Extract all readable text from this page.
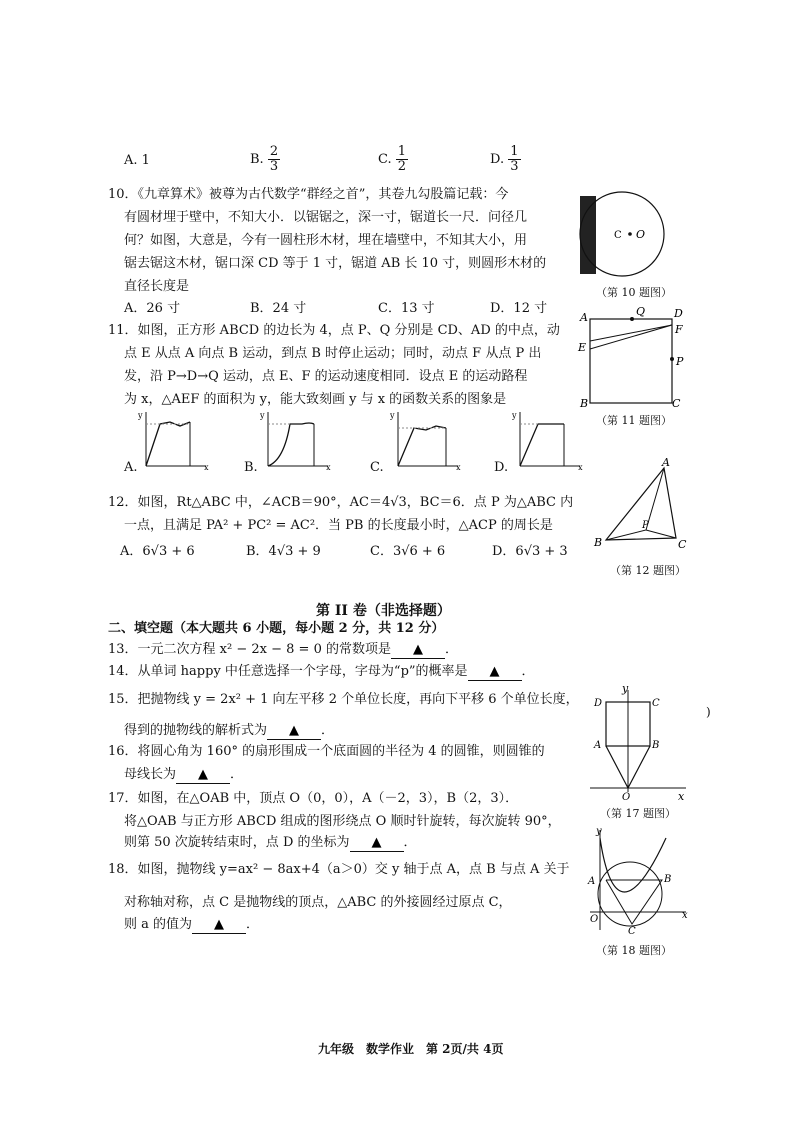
A. 1	B. $\frac{2}{3}$	C. $\frac{1}{2}$	D. $\frac{1}{3}$
10．《九章算术》被尊为古代数学“群经之首”，其卷九勾股篇记载：今
有圆材埋于壁中，不知大小．以锯锯之，深一寸，锯道长一尺．问径几
何？如图，大意是，今有一圆柱形木材，埋在墙壁中，不知其大小，用
锯去锯这木材，锯口深 CD 等于 1 寸，锯道 AB 长 10 寸，则圆形木材的
直径长度是
A．26 寸	B．24 寸	C．13 寸	D．12 寸
C O
（第 10 题图）
11．如图，正方形 ABCD 的边长为 4，点 P、Q 分别是 CD、AD 的中点，动
点 E 从点 A 向点 B 运动，到点 B 时停止运动；同时，动点 F 从点 P 出
发，沿 P→D→Q 运动，点 E、F 的运动速度相同．设点 E 的运动路程
为 x，△AEF 的面积为 y，能大致刻画 y 与 x 的函数关系的图象是
A	Q	D
F
E
P
B	C
（第 11 题图）
A.
y
x	B.
y
x	C.
y
x	D.
y
x
12．如图，Rt△ABC 中，∠ACB＝90°，AC＝4√3，BC＝6．点 P 为△ABC 内
一点，且满足 PA² + PC² = AC²．当 PB 的长度最小时，△ACP 的周长是
A．6√3 + 6	B．4√3 + 9	C．3√6 + 6	D．6√3 + 3
A
B	C
P
（第 12 题图）
第 II 卷（非选择题）
二、填空题（本大题共 6 小题，每小题 2 分，共 12 分）
13．一元二次方程 x² − 2x − 8 = 0 的常数项是 ▲ ．
14．从单词 happy 中任意选择一个字母，字母为“p”的概率是 ▲ ．
15．把抛物线 y = 2x² + 1 向左平移 2 个单位长度，再向下平移 6 个单位长度，
得到的抛物线的解析式为 ▲ ．
16．将圆心角为 160° 的扇形围成一个底面圆的半径为 4 的圆锥，则圆锥的
母线长为 ▲ ．
17．如图，在△OAB 中，顶点 O（0，0），A（－2，3），B（2，3）．
将△OAB 与正方形 ABCD 组成的图形绕点 O 顺时针旋转，每次旋转 90°，
则第 50 次旋转结束时，点 D 的坐标为 ▲ ．
18．如图，抛物线 y=ax² − 8ax+4（a＞0）交 y 轴于点 A，点 B 与点 A 关于
对称轴对称，点 C 是抛物线的顶点，△ABC 的外接圆经过原点 C，
则 a 的值为 ▲ ．
y
x
O
D	C
A	B
)
（第 17 题图）
y
x
O
A	B
C
（第 18 题图）
九年级　数学作业　第 2页/共 4页
